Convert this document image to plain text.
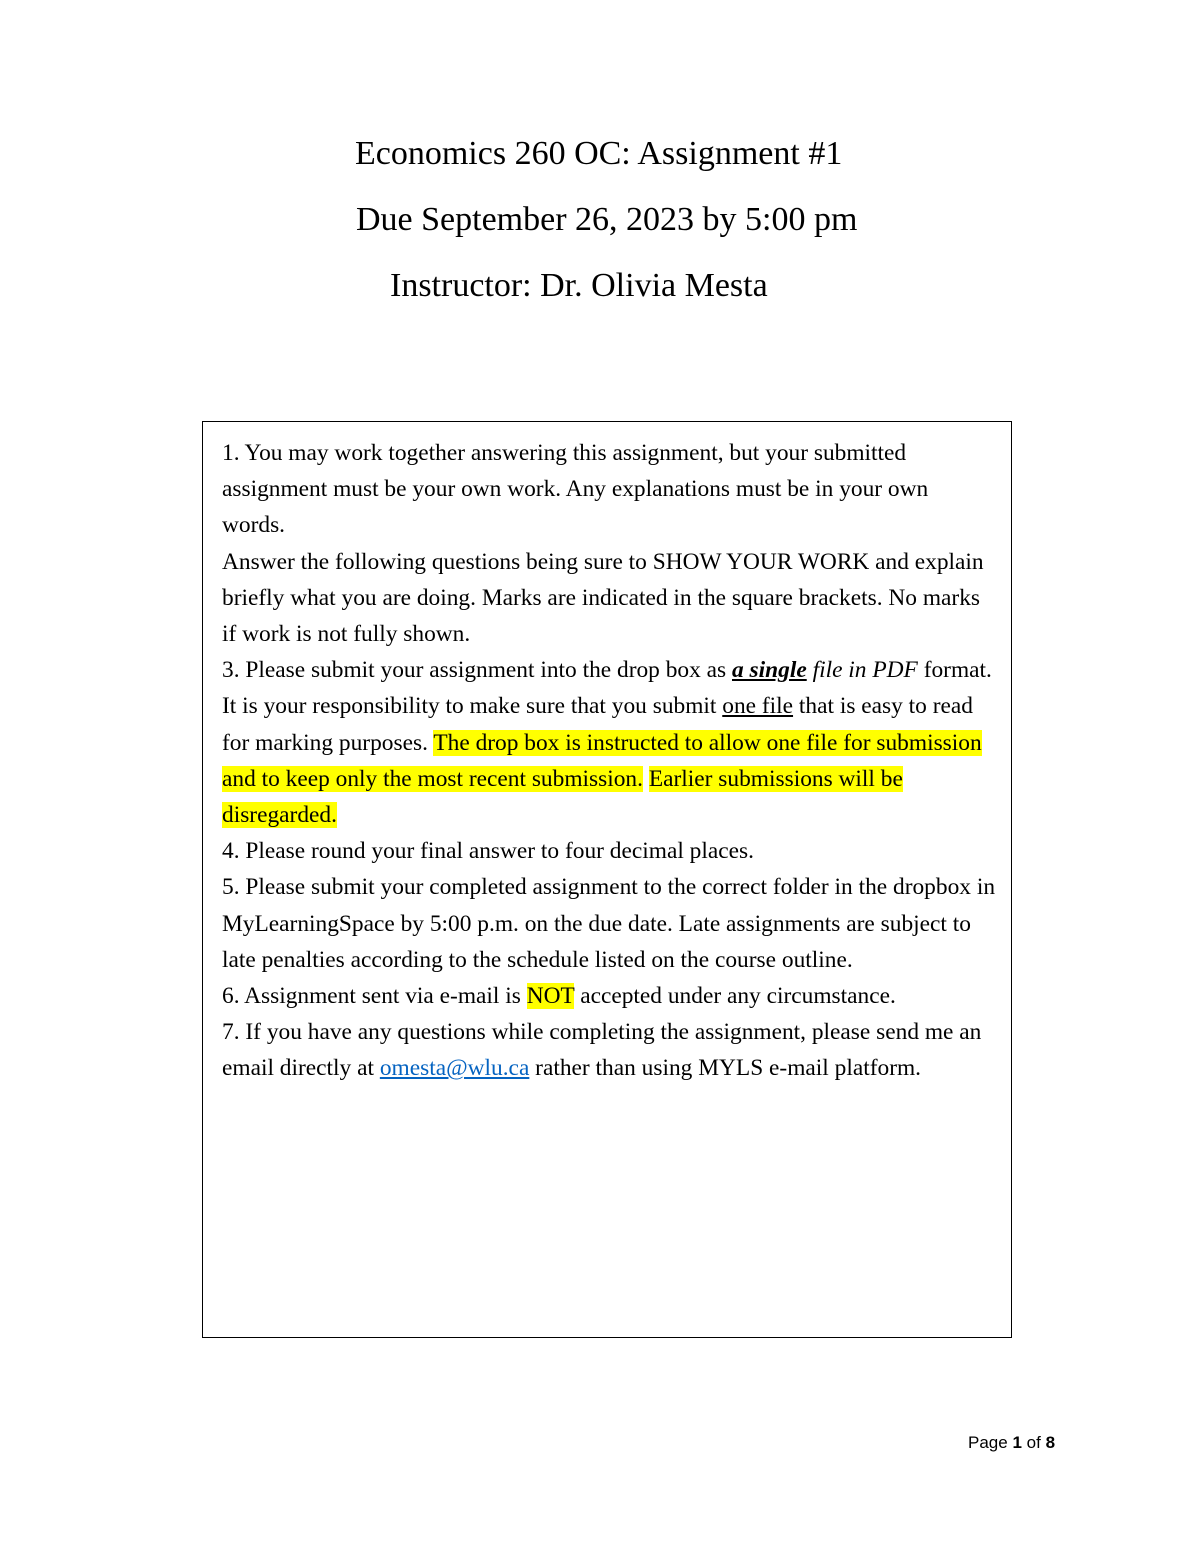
Economics 260 OC: Assignment #1
Due September 26, 2023 by 5:00 pm
Instructor: Dr. Olivia Mesta

1. You may work together answering this assignment, but your submitted assignment must be your own work. Any explanations must be in your own words.

Answer the following questions being sure to SHOW YOUR WORK and explain briefly what you are doing. Marks are indicated in the square brackets. No marks if work is not fully shown.

3. Please submit your assignment into the drop box as a single file in PDF format. It is your responsibility to make sure that you submit one file that is easy to read for marking purposes. The drop box is instructed to allow one file for submission and to keep only the most recent submission. Earlier submissions will be disregarded.

4. Please round your final answer to four decimal places.

5. Please submit your completed assignment to the correct folder in the dropbox in MyLearningSpace by 5:00 p.m. on the due date. Late assignments are subject to late penalties according to the schedule listed on the course outline.

6. Assignment sent via e-mail is NOT accepted under any circumstance.

7. If you have any questions while completing the assignment, please send me an email directly at omesta@wlu.ca rather than using MYLS e-mail platform.

Page 1 of 8
